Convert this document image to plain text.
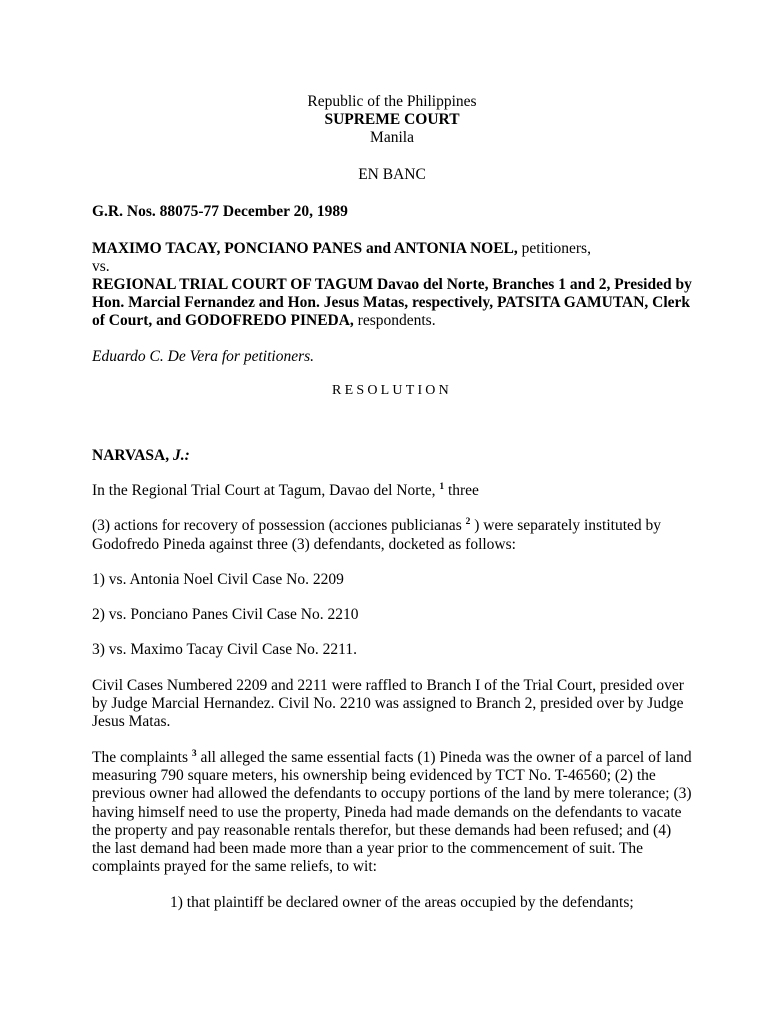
Republic of the Philippines
SUPREME COURT
Manila
EN BANC
G.R. Nos. 88075-77 December 20, 1989
MAXIMO TACAY, PONCIANO PANES and ANTONIA NOEL, petitioners,
vs.
REGIONAL TRIAL COURT OF TAGUM Davao del Norte, Branches 1 and 2, Presided by Hon. Marcial Fernandez and Hon. Jesus Matas, respectively, PATSITA GAMUTAN, Clerk of Court, and GODOFREDO PINEDA, respondents.
Eduardo C. De Vera for petitioners.
RESOLUTION
NARVASA, J.:
In the Regional Trial Court at Tagum, Davao del Norte, $^1$ three
(3) actions for recovery of possession (acciones publicianas $^2$ ) were separately instituted by Godofredo Pineda against three (3) defendants, docketed as follows:
1) vs. Antonia Noel Civil Case No. 2209
2) vs. Ponciano Panes Civil Case No. 2210
3) vs. Maximo Tacay Civil Case No. 2211.
Civil Cases Numbered 2209 and 2211 were raffled to Branch I of the Trial Court, presided over by Judge Marcial Hernandez. Civil No. 2210 was assigned to Branch 2, presided over by Judge Jesus Matas.
The complaints $^3$ all alleged the same essential facts (1) Pineda was the owner of a parcel of land measuring 790 square meters, his ownership being evidenced by TCT No. T-46560; (2) the previous owner had allowed the defendants to occupy portions of the land by mere tolerance; (3) having himself need to use the property, Pineda had made demands on the defendants to vacate the property and pay reasonable rentals therefor, but these demands had been refused; and (4) the last demand had been made more than a year prior to the commencement of suit. The complaints prayed for the same reliefs, to wit:
1) that plaintiff be declared owner of the areas occupied by the defendants;
